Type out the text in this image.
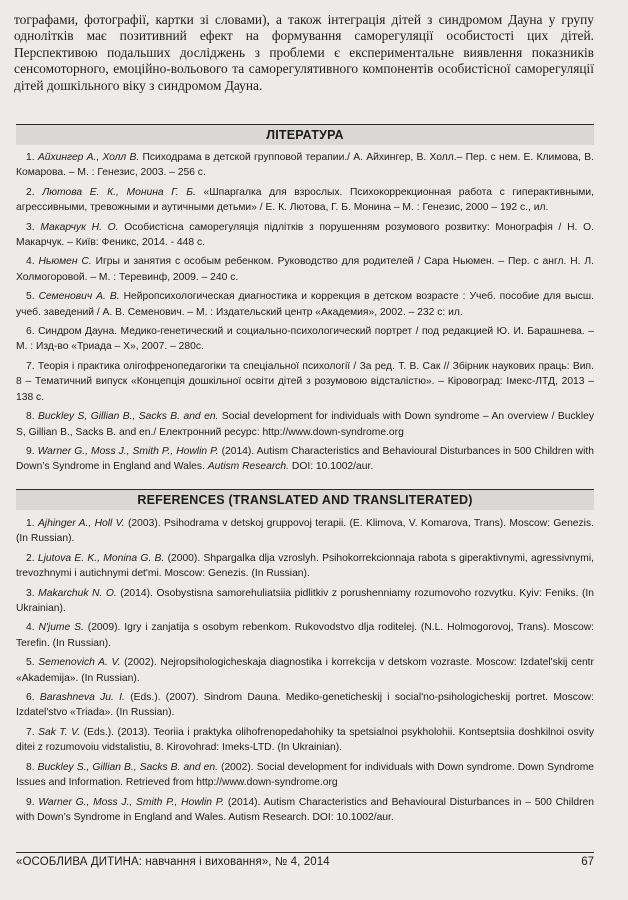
тографами, фотографії, картки зі словами), а також інтеграція дітей з синдромом Дауна у групу однолітків має позитивний ефект на формування саморегуляції особистості цих дітей. Перспективою подальших досліджень з проблеми є експериментальне виявлення показників сенсомоторного, емоційно-вольового та саморегулятивного компонентів особистісної саморегуляції дітей дошкільного віку з синдромом Дауна.
ЛІТЕРАТУРА

1. Айхингер А., Холл В. Психодрама в детской групповой терапии./ А. Айхингер, В. Холл.– Пер. с нем. Е. Климова, В. Комарова. – М. : Генезис, 2003. – 256 с.

2. Лютова Е. К., Монина Г. Б. «Шпаргалка для взрослых. Психокоррекционная работа с гиперактивными, агрессивными, тревожными и аутичными детьми» / Е. К. Лютова, Г. Б. Монина – М. : Генезис, 2000 – 192 с., ил.

3. Макарчук Н. О. Особистісна саморегуляція підлітків з порушенням розумового розвитку: Монографія / Н. О. Макарчук. – Київ: Феникс, 2014. - 448 с.

4. Ньюмен С. Игры и занятия с особым ребенком. Руководство для родителей / Сара Ньюмен. – Пер. с англ. Н. Л. Холмогоровой. – М. : Теревинф, 2009. – 240 с.

5. Семенович А. В. Нейропсихологическая диагностика и коррекция в детском возрасте : Учеб. пособие для высш. учеб. заведений / А. В. Семенович. – М. : Издательский центр «Академия», 2002. – 232 с: ил.

6. Синдром Дауна. Медико-генетический и социально-психологический портрет / под редакцией Ю. И. Барашнева. – М. : Изд-во «Триада – Х», 2007. – 280с.

7. Теорія і практика олігофренопедагогіки та спеціальної психології / За ред. Т. В. Сак // Збірник наукових праць: Вип. 8 – Тематичний випуск «Концепція дошкільної освіти дітей з розумовою відсталістю». – Кіровоград: Імекс-ЛТД, 2013 – 138 с.

8. Buckley S, Gillian B., Sacks B. and en. Social development for individuals with Down syndrome – An overview / Buckley S, Gillian B., Sacks B. and en./ Електронний ресурс: http://www.down-syndrome.org

9. Warner G., Moss J., Smith P., Howlin P. (2014). Autism Characteristics and Behavioural Disturbances in 500 Children with Down’s Syndrome in England and Wales. Autism Research. DOI: 10.1002/aur.

REFERENCES (TRANSLATED AND TRANSLITERATED)

1. Ajhinger A., Holl V. (2003). Psihodrama v detskoj gruppovoj terapii. (E. Klimova, V. Komarova, Trans). Moscow: Genezis. (In Russian).

2. Ljutova E. K., Monina G. B. (2000). Shpargalka dlja vzroslyh. Psihokorrekcionnaja rabota s giperaktivnymi, agressivnymi, trevozhnymi i autichnymi det'mi. Moscow: Genezis. (In Russian).

3. Makarchuk N. O. (2014). Osobystisna samorehuliatsiia pidlitkiv z porushenniamy rozumovoho rozvytku. Kyiv: Feniks. (In Ukrainian).

4. N'jume S. (2009). Igry i zanjatija s osobym rebenkom. Rukovodstvo dlja roditelej. (N.L. Holmogorovoj, Trans). Moscow: Terefin. (In Russian).

5. Semenovich A. V. (2002). Nejropsihologicheskaja diagnostika i korrekcija v detskom vozraste. Moscow: Izdatel'skij centr «Akademija». (In Russian).

6. Barashneva Ju. I. (Eds.). (2007). Sindrom Dauna. Mediko-geneticheskij i social'no-psihologicheskij portret. Moscow: Izdatel'stvo «Triada». (In Russian).

7. Sak T. V. (Eds.). (2013). Teoriia i praktyka olihofrenopedahohiky ta spetsialnoi psykholohii. Kontseptsiia doshkilnoi osvity ditei z rozumovoiu vidstalistiu, 8. Kirovohrad: Imeks-LTD. (In Ukrainian).

8. Buckley S., Gillian B., Sacks B. and en. (2002). Social development for individuals with Down syndrome. Down Syndrome Issues and Information. Retrieved from http://www.down-syndrome.org

9. Warner G., Moss J., Smith P., Howlin P. (2014). Autism Characteristics and Behavioural Disturbances in – 500 Children with Down’s Syndrome in England and Wales. Autism Research. DOI: 10.1002/aur.

«ОСОБЛИВА ДИТИНА: навчання і виховання», № 4, 2014	67
